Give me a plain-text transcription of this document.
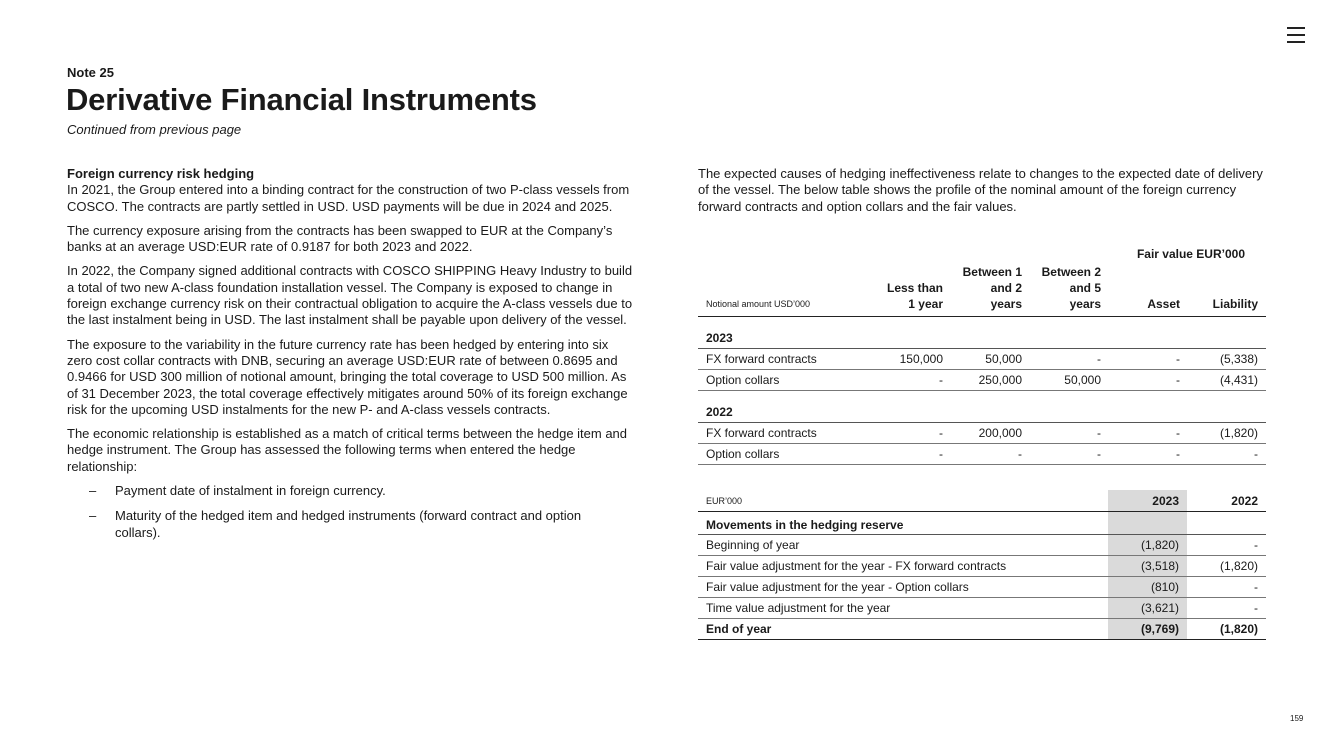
Note 25
Derivative Financial Instruments
Continued from previous page
Foreign currency risk hedging

In 2021, the Group entered into a binding contract for the construction of two P-class vessels from COSCO. The contracts are partly settled in USD. USD payments will be due in 2024 and 2025.

The currency exposure arising from the contracts has been swapped to EUR at the Company’s banks at an average USD:EUR rate of 0.9187 for both 2023 and 2022.

In 2022, the Company signed additional contracts with COSCO SHIPPING Heavy Industry to build a total of two new A-class foundation installation vessel. The Company is exposed to change in foreign exchange currency risk on their contractual obligation to acquire the A-class vessels due to the last instalment being in USD. The last instalment shall be payable upon delivery of the vessel.

The exposure to the variability in the future currency rate has been hedged by entering into six zero cost collar contracts with DNB, securing an average USD:EUR rate of between 0.8695 and 0.9466 for USD 300 million of notional amount, bringing the total coverage to USD 500 million. As of 31 December 2023, the total coverage effectively mitigates around 50% of its foreign exchange risk for the upcoming USD instalments for the new P- and A-class vessels contracts.

The economic relationship is established as a match of critical terms between the hedge item and hedge instrument. The Group has assessed the following terms when entered the hedge relationship:

– Payment date of instalment in foreign currency.
– Maturity of the hedged item and hedged instruments (forward contract and option collars).

The expected causes of hedging ineffectiveness relate to changes to the expected date of delivery of the vessel. The below table shows the profile of the nominal amount of the foreign currency forward contracts and option collars and the fair values.

				Fair value EUR’000	
Notional amount USD’000	Less than 1 year	Between 1 and 2 years	Between 2 and 5 years	Asset	Liability
2023					
FX forward contracts	150,000	50,000	-	-	(5,338)
Option collars	-	250,000	50,000	-	(4,431)
2022					
FX forward contracts	-	200,000	-	-	(1,820)
Option collars	-	-	-	-	-
EUR’000	2023	2022
Movements in the hedging reserve		
Beginning of year	(1,820)	-
Fair value adjustment for the year - FX forward contracts	(3,518)	(1,820)
Fair value adjustment for the year - Option collars	(810)	-
Time value adjustment for the year	(3,621)	-
End of year	(9,769)	(1,820)
159
